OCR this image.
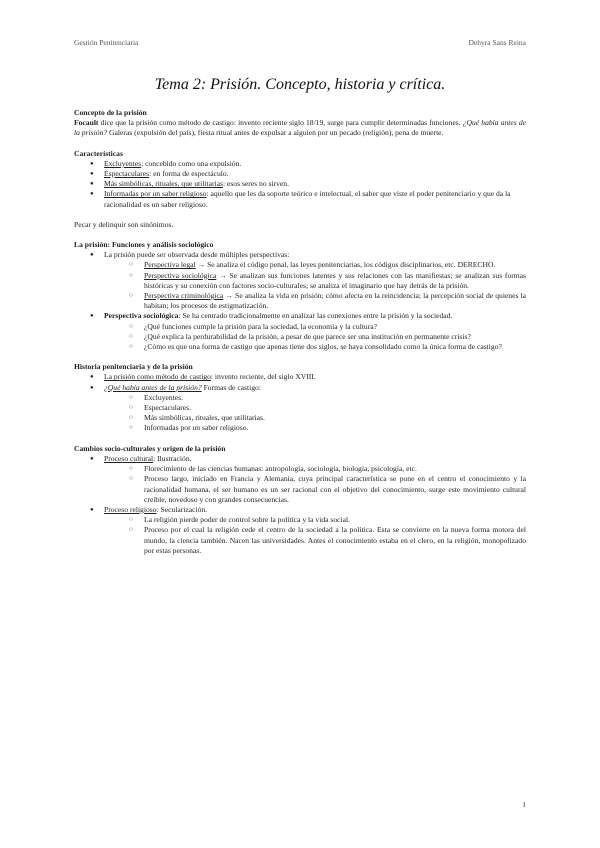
Gestión Penitenciaria	Dehyra Sans Reina
Tema 2: Prisión. Concepto, historia y crítica.

Concepto de la prisión

Focault dice que la prisión como método de castigo: invento reciente siglo 18/19, surge para cumplir determinadas funciones. ¿Qué había antes de la prisión? Galeras (expulsión del país), fiesta ritual antes de expulsar a alguien por un pecado (religión), pena de muerte.

Características

● Excluyentes: concebido como una expulsión.
● Espectaculares: en forma de espectáculo.
● Más simbólicas, rituales, que utilitarias: esos seres no sirven.
● Informadas por un saber religioso: aquello que les da soporte teórico e intelectual, el saber que viste el poder penitenciario y que da la racionalidad es un saber religioso.

Pecar y delinquir son sinónimos.

La prisión: Funciones y análisis sociológico

● La prisión puede ser observada desde múltiples perspectivas:
○ Perspectiva legal → Se analiza el código penal, las leyes penitenciarias, los códigos disciplinarios, etc. DERECHO.
○ Perspectiva sociológica → Se analizan sus funciones latentes y sus relaciones con las manifiestas; se analizan sus formas históricas y su conexión con factores socio-culturales; se analiza el imaginario que hay detrás de la prisión.
○ Perspectiva criminológica → Se analiza la vida en prisión; cómo afecta en la reincidencia; la percepción social de quienes la habitan; los procesos de estigmatización.
● Perspectiva sociológica: Se ha centrado tradicionalmente en analizar las conexiones entre la prisión y la sociedad.
○ ¿Qué funciones cumple la prisión para la sociedad, la economía y la cultura?
○ ¿Qué explica la perdurabilidad de la prisión, a pesar de que parece ser una institución en permanente crisis?
○ ¿Cómo es que una forma de castigo que apenas tiene dos siglos, se haya consolidado como la única forma de castigo?

Historia penitenciaria y de la prisión

● La prisión como método de castigo: invento reciente, del siglo XVIII.
● ¿Qué había antes de la prisión? Formas de castigo:
○ Excluyentes.
○ Espectaculares.
○ Más simbólicas, rituales, que utilitarias.
○ Informadas por un saber religioso.

Cambios socio-culturales y origen de la prisión

● Proceso cultural: Ilustración.
○ Florecimiento de las ciencias humanas: antropología, sociología, biología, psicología, etc.
○ Proceso largo, iniciado en Francia y Alemania, cuya principal característica se pone en el centro el conocimiento y la racionalidad humana, el ser humano es un ser racional con el objetivo del conocimiento, surge este movimiento cultural creíble, novedoso y con grandes consecuencias.
● Proceso religioso: Secularización.
○ La religión pierde poder de control sobre la política y la vida social.
○ Proceso por el cual la religión cede el centro de la sociedad a la política. Esta se convierte en la nueva forma motora del mundo, la ciencia también. Nacen las universidades. Antes el conocimiento estaba en el clero, en la religión, monopolizado por estas personas.
1
